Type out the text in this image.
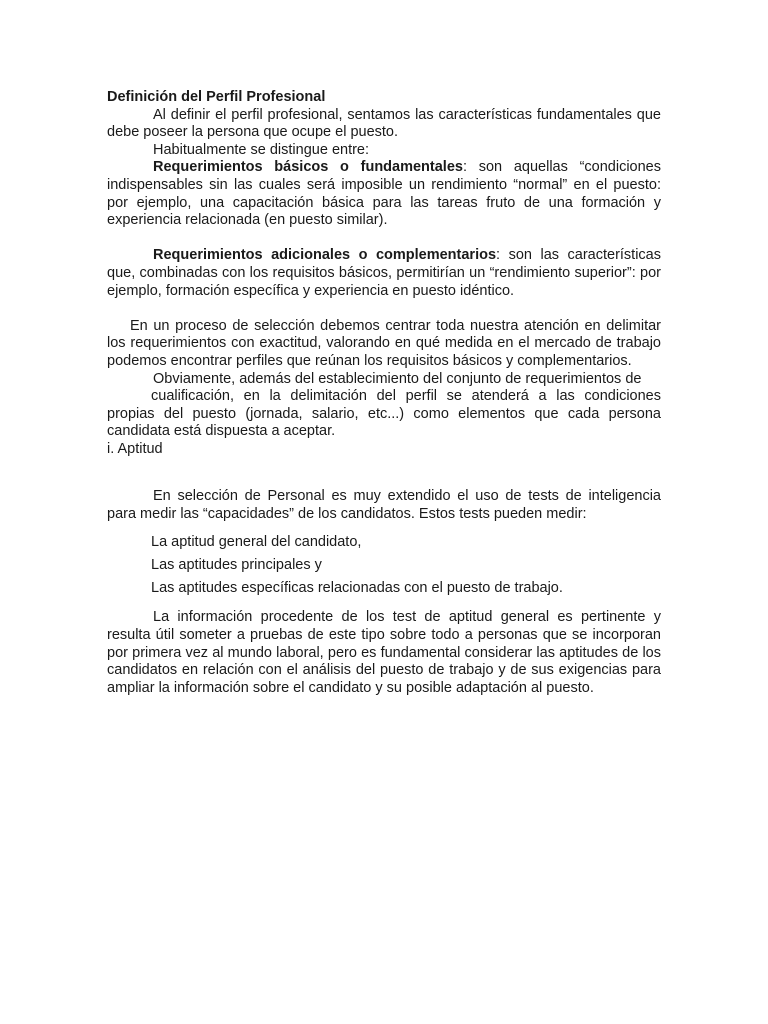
Definición del Perfil Profesional

Al definir el perfil profesional, sentamos las características fundamentales que debe poseer la persona que ocupe el puesto.

Habitualmente se distingue entre:

Requerimientos básicos o fundamentales: son aquellas “condiciones indispensables sin las cuales será imposible un rendimiento “normal” en el puesto: por ejemplo, una capacitación básica para las tareas fruto de una formación y experiencia relacionada (en puesto similar).

Requerimientos adicionales o complementarios: son las características que, combinadas con los requisitos básicos, permitirían un “rendimiento superior”: por ejemplo, formación específica y experiencia en puesto idéntico.

En un proceso de selección debemos centrar toda nuestra atención en delimitar los requerimientos con exactitud, valorando en qué medida en el mercado de trabajo podemos encontrar perfiles que reúnan los requisitos básicos y complementarios.

Obviamente, además del establecimiento del conjunto de requerimientos de

cualificación, en la delimitación del perfil se atenderá a las condiciones

propias del puesto (jornada, salario, etc...) como elementos que cada persona candidata está dispuesta a aceptar.

i. Aptitud

En selección de Personal es muy extendido el uso de tests de inteligencia para medir las “capacidades” de los candidatos. Estos tests pueden medir:

La aptitud general del candidato,

Las aptitudes principales y

Las aptitudes específicas relacionadas con el puesto de trabajo.

La información procedente de los test de aptitud general es pertinente y resulta útil someter a pruebas de este tipo sobre todo a personas que se incorporan por primera vez al mundo laboral, pero es fundamental considerar las aptitudes de los candidatos en relación con el análisis del puesto de trabajo y de sus exigencias para ampliar la información sobre el candidato y su posible adaptación al puesto.
